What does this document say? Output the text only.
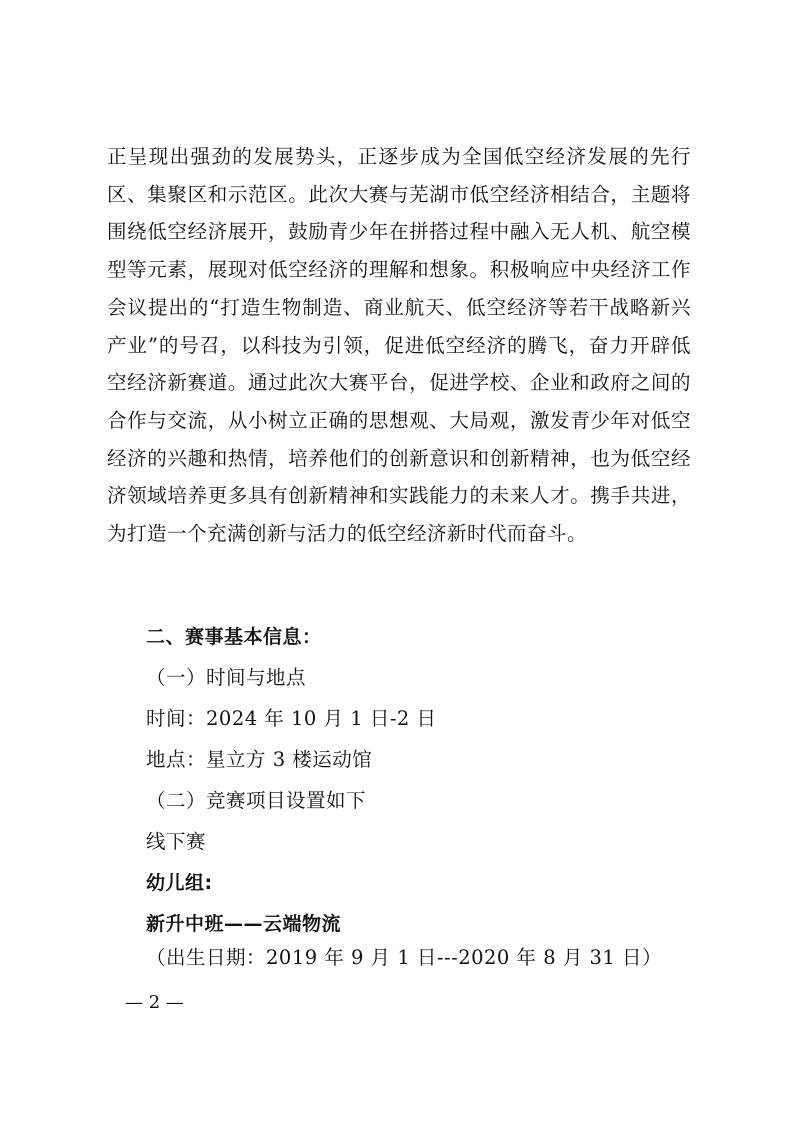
正呈现出强劲的发展势头，正逐步成为全国低空经济发展的先行区、集聚区和示范区。此次大赛与芜湖市低空经济相结合，主题将围绕低空经济展开，鼓励青少年在拼搭过程中融入无人机、航空模型等元素，展现对低空经济的理解和想象。积极响应中央经济工作会议提出的“打造生物制造、商业航天、低空经济等若干战略新兴产业”的号召，以科技为引领，促进低空经济的腾飞，奋力开辟低空经济新赛道。通过此次大赛平台，促进学校、企业和政府之间的合作与交流，从小树立正确的思想观、大局观，激发青少年对低空经济的兴趣和热情，培养他们的创新意识和创新精神，也为低空经济领域培养更多具有创新精神和实践能力的未来人才。携手共进，为打造一个充满创新与活力的低空经济新时代而奋斗。

二、赛事基本信息：
（一）时间与地点
时间：2024 年 10 月 1 日-2 日
地点：星立方 3 楼运动馆
（二）竞赛项目设置如下
线下赛
幼儿组:
新升中班——云端物流
（出生日期：2019 年 9 月 1 日---2020 年 8 月 31 日）
— 2 —
